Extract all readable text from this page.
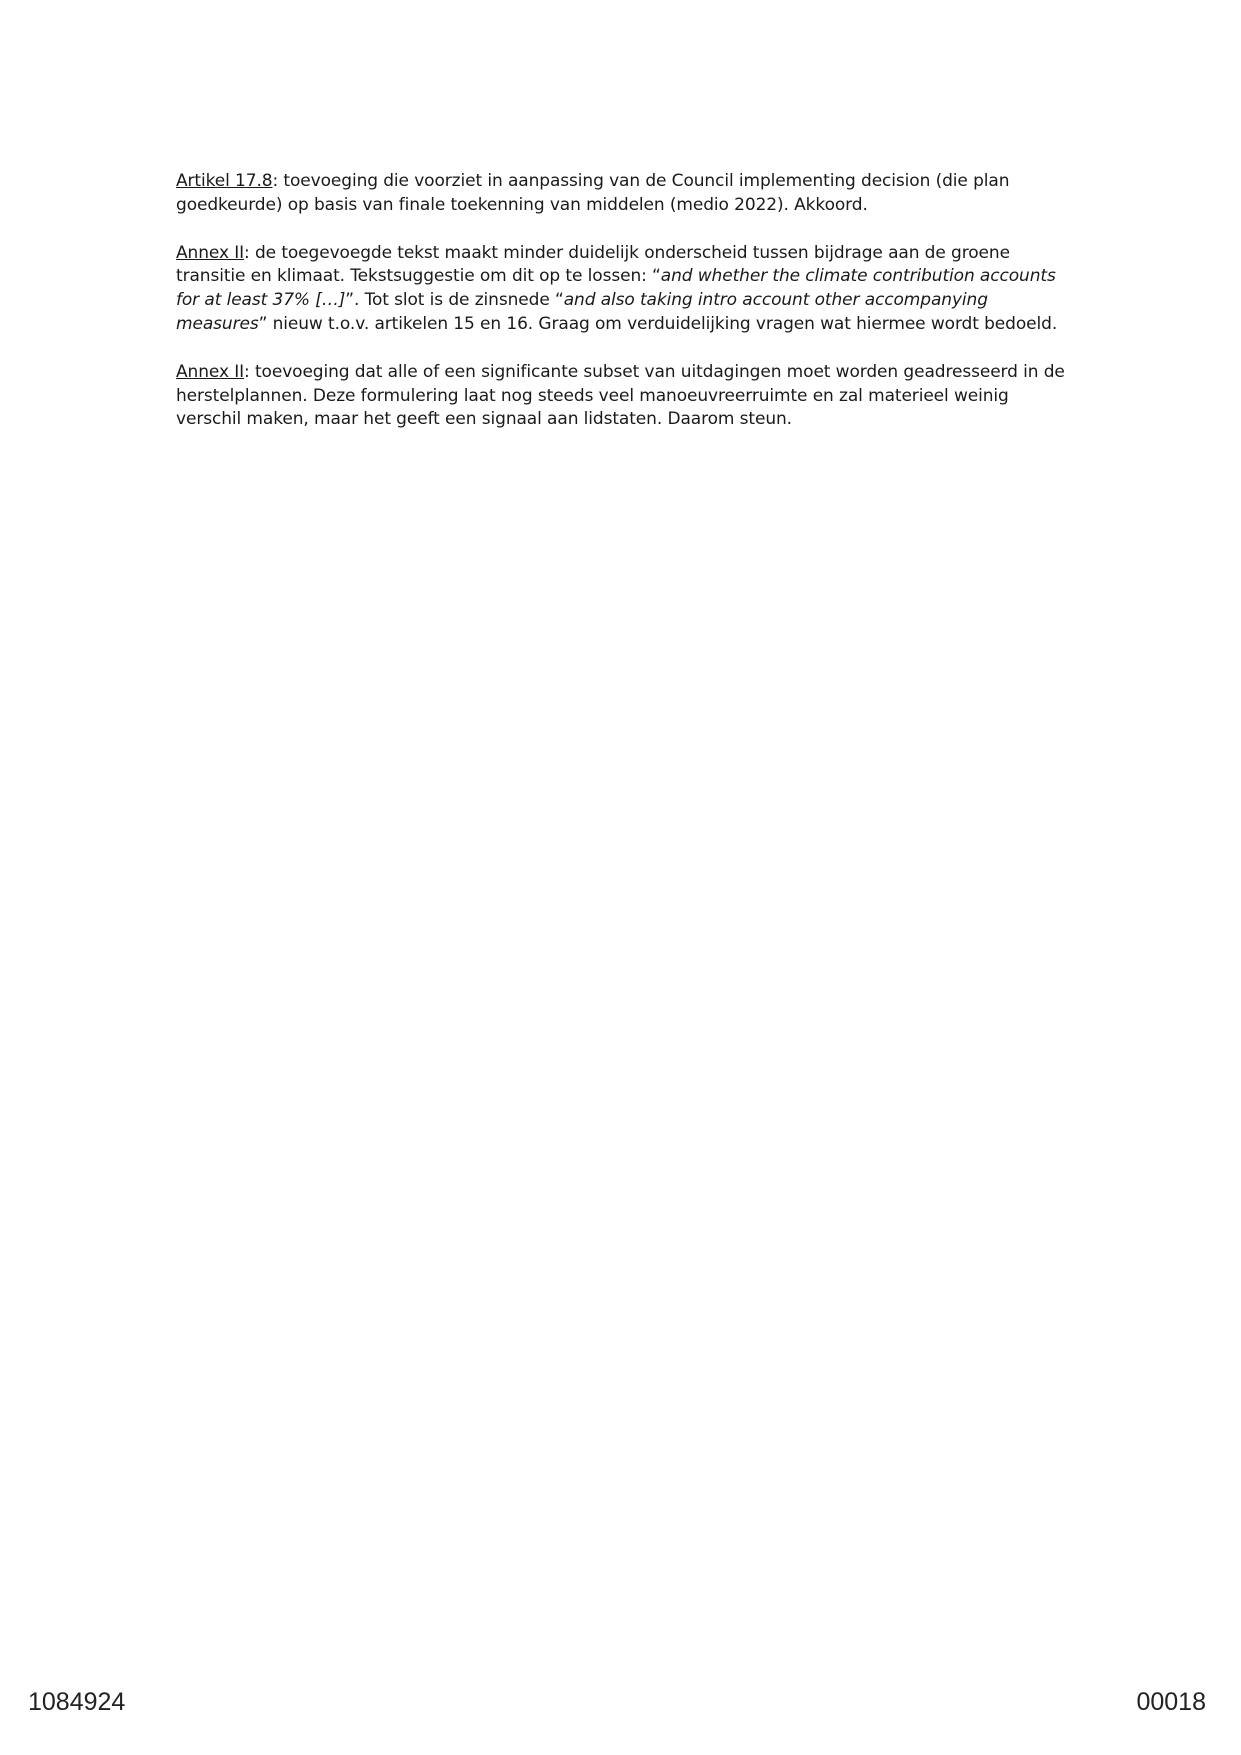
Artikel 17.8: toevoeging die voorziet in aanpassing van de Council implementing decision (die plan goedkeurde) op basis van finale toekenning van middelen (medio 2022). Akkoord.

Annex II: de toegevoegde tekst maakt minder duidelijk onderscheid tussen bijdrage aan de groene transitie en klimaat. Tekstsuggestie om dit op te lossen: “and whether the climate contribution accounts for at least 37% […]”. Tot slot is de zinsnede “and also taking intro account other accompanying measures” nieuw t.o.v. artikelen 15 en 16. Graag om verduidelijking vragen wat hiermee wordt bedoeld.

Annex II: toevoeging dat alle of een significante subset van uitdagingen moet worden geadresseerd in de herstelplannen. Deze formulering laat nog steeds veel manoeuvreerruimte en zal materieel weinig verschil maken, maar het geeft een signaal aan lidstaten. Daarom steun.

1084924	00018
